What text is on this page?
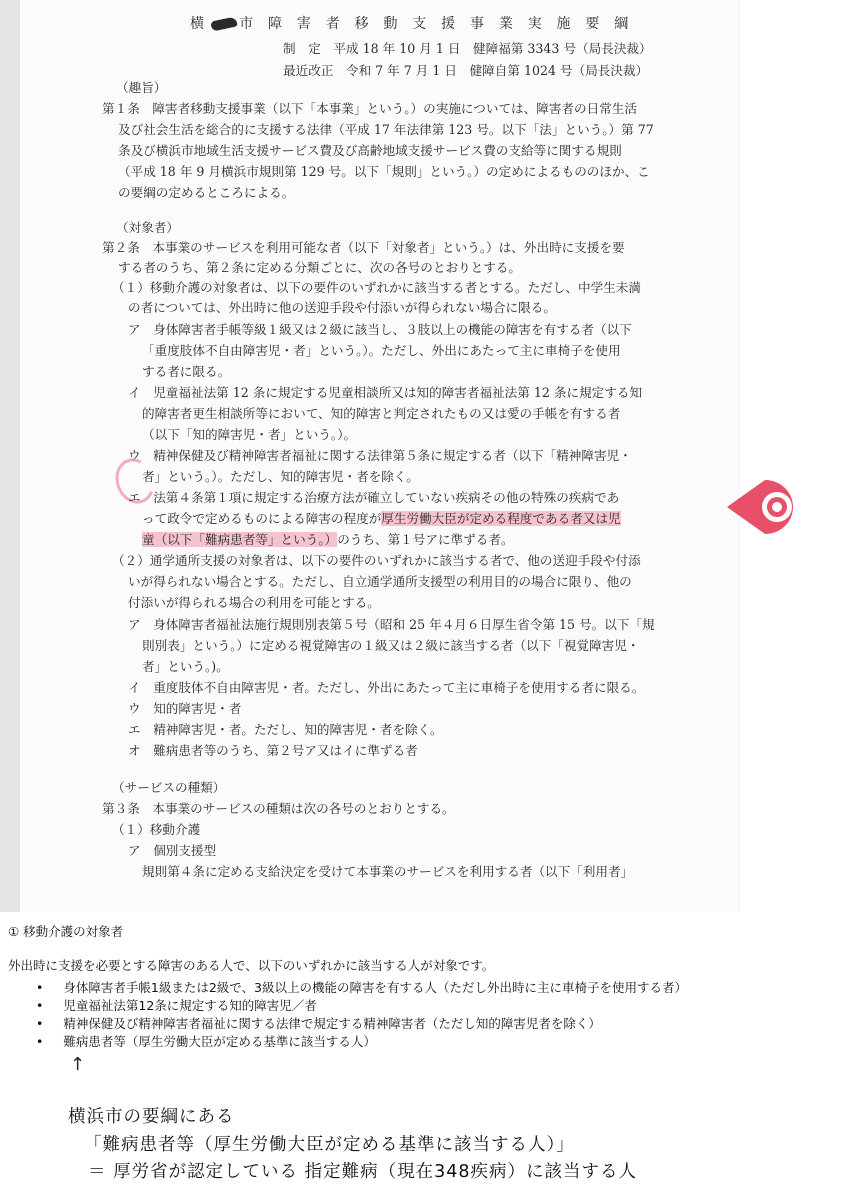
横 市 障 害 者 移 動 支 援 事 業 実 施 要 綱
制　定　平成 18 年 10 月 1 日　健障福第 3343 号（局長決裁）
最近改正　令和 7 年 7 月 1 日　健障自第 1024 号（局長決裁）
（趣旨）
第１条　障害者移動支援事業（以下「本事業」という。）の実施については、障害者の日常生活
及び社会生活を総合的に支援する法律（平成 17 年法律第 123 号。以下「法」という。）第 77
条及び横浜市地域生活支援サービス費及び高齢地域支援サービス費の支給等に関する規則
（平成 18 年 9 月横浜市規則第 129 号。以下「規則」という。）の定めによるもののほか、こ
の要綱の定めるところによる。
（対象者）
第２条　本事業のサービスを利用可能な者（以下「対象者」という。）は、外出時に支援を要
する者のうち、第２条に定める分類ごとに、次の各号のとおりとする。
（１）移動介護の対象者は、以下の要件のいずれかに該当する者とする。ただし、中学生未満
の者については、外出時に他の送迎手段や付添いが得られない場合に限る。
ア　身体障害者手帳等級１級又は２級に該当し、３肢以上の機能の障害を有する者（以下
「重度肢体不自由障害児・者」という。）。ただし、外出にあたって主に車椅子を使用
する者に限る。
イ　児童福祉法第 12 条に規定する児童相談所又は知的障害者福祉法第 12 条に規定する知
的障害者更生相談所等において、知的障害と判定されたもの又は愛の手帳を有する者
（以下「知的障害児・者」という。）。
ウ　精神保健及び精神障害者福祉に関する法律第５条に規定する者（以下「精神障害児・
者」という。）。ただし、知的障害児・者を除く。
エ　法第４条第１項に規定する治療方法が確立していない疾病その他の特殊の疾病であ
って政令で定めるものによる障害の程度が厚生労働大臣が定める程度である者又は児
童（以下「難病患者等」という。）のうち、第１号アに準ずる者。
（２）通学通所支援の対象者は、以下の要件のいずれかに該当する者で、他の送迎手段や付添
いが得られない場合とする。ただし、自立通学通所支援型の利用目的の場合に限り、他の
付添いが得られる場合の利用を可能とする。
ア　身体障害者福祉法施行規則別表第５号（昭和 25 年４月６日厚生省令第 15 号。以下「規
則別表」という。）に定める視覚障害の１級又は２級に該当する者（以下「視覚障害児・
者」という。)。
イ　重度肢体不自由障害児・者。ただし、外出にあたって主に車椅子を使用する者に限る。
ウ　知的障害児・者
エ　精神障害児・者。ただし、知的障害児・者を除く。
オ　難病患者等のうち、第２号ア又はイに準ずる者
（サービスの種類）
第３条　本事業のサービスの種類は次の各号のとおりとする。
（１）移動介護
ア　個別支援型
規則第４条に定める支給決定を受けて本事業のサービスを利用する者（以下「利用者」
① 移動介護の対象者
外出時に支援を必要とする障害のある人で、以下のいずれかに該当する人が対象です。
• 身体障害者手帳1級または2級で、3級以上の機能の障害を有する人（ただし外出時に主に車椅子を使用する者）
• 児童福祉法第12条に規定する知的障害児／者
• 精神保健及び精神障害者福祉に関する法律で規定する精神障害者（ただし知的障害児者を除く）
• 難病患者等（厚生労働大臣が定める基準に該当する人）
↑
横浜市の要綱にある
「難病患者等（厚生労働大臣が定める基準に該当する人）」
＝ 厚労省が認定している 指定難病（現在348疾病）に該当する人
